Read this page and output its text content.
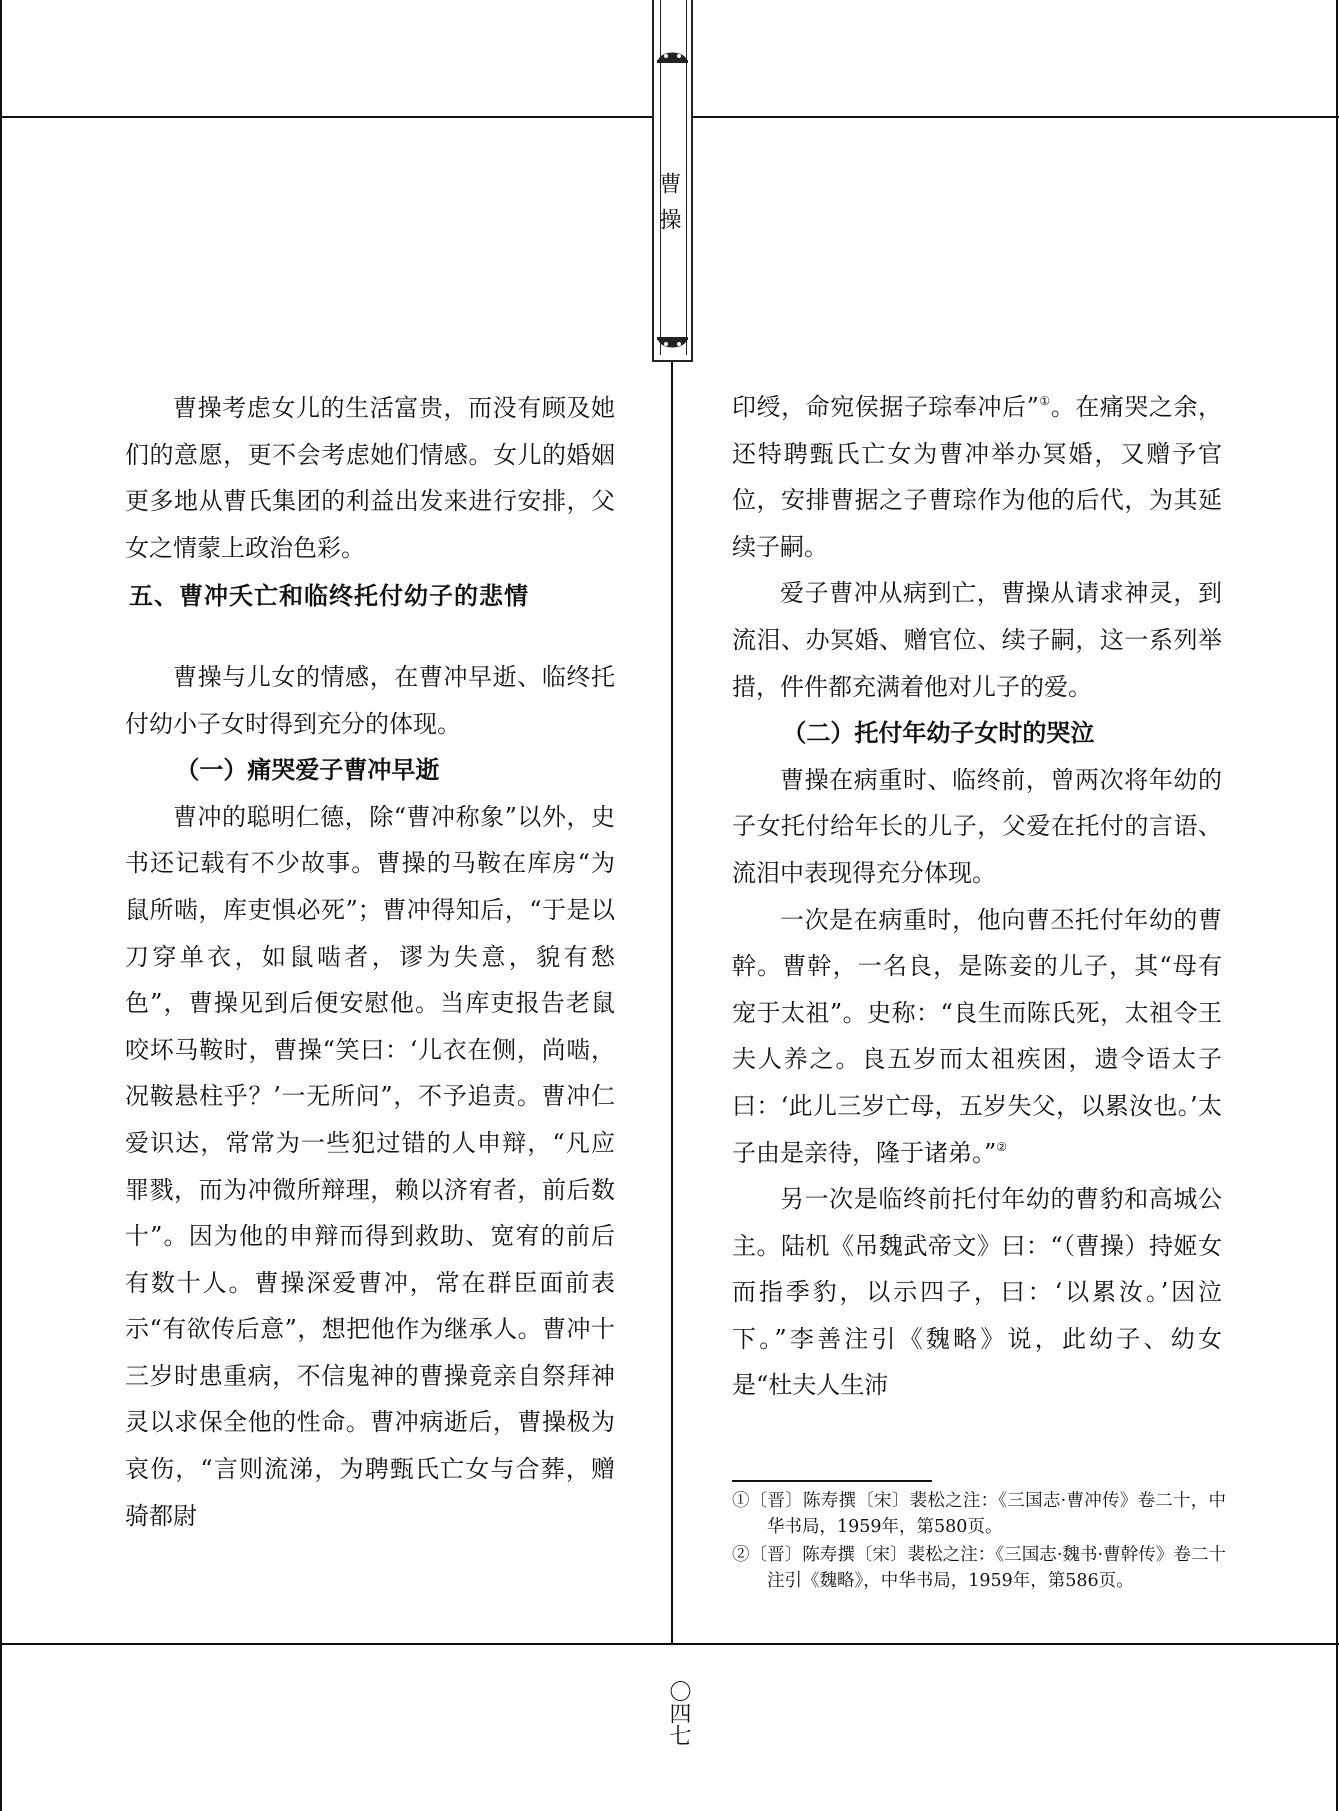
曹操

曹操考虑女儿的生活富贵，而没有顾及她们的意愿，更不会考虑她们情感。女儿的婚姻更多地从曹氏集团的利益出发来进行安排，父女之情蒙上政治色彩。

五、曹冲夭亡和临终托付幼子的悲情

曹操与儿女的情感，在曹冲早逝、临终托付幼小子女时得到充分的体现。

（一）痛哭爱子曹冲早逝

曹冲的聪明仁德，除“曹冲称象”以外，史书还记载有不少故事。曹操的马鞍在库房“为鼠所啮，库吏惧必死”；曹冲得知后，“于是以刀穿单衣，如鼠啮者，谬为失意，貌有愁色”，曹操见到后便安慰他。当库吏报告老鼠咬坏马鞍时，曹操“笑曰：‘儿衣在侧，尚啮，况鞍悬柱乎？’一无所问”，不予追责。曹冲仁爱识达，常常为一些犯过错的人申辩，“凡应罪戮，而为冲微所辩理，赖以济宥者，前后数十”。因为他的申辩而得到救助、宽宥的前后有数十人。曹操深爱曹冲，常在群臣面前表示“有欲传后意”，想把他作为继承人。曹冲十三岁时患重病，不信鬼神的曹操竟亲自祭拜神灵以求保全他的性命。曹冲病逝后，曹操极为哀伤，“言则流涕，为聘甄氏亡女与合葬，赠骑都尉

印绶，命宛侯据子琮奉冲后”①。在痛哭之余，还特聘甄氏亡女为曹冲举办冥婚，又赠予官位，安排曹据之子曹琮作为他的后代，为其延续子嗣。

爱子曹冲从病到亡，曹操从请求神灵，到流泪、办冥婚、赠官位、续子嗣，这一系列举措，件件都充满着他对儿子的爱。

（二）托付年幼子女时的哭泣

曹操在病重时、临终前，曾两次将年幼的子女托付给年长的儿子，父爱在托付的言语、流泪中表现得充分体现。

一次是在病重时，他向曹丕托付年幼的曹幹。曹幹，一名良，是陈妾的儿子，其“母有宠于太祖”。史称：“良生而陈氏死，太祖令王夫人养之。良五岁而太祖疾困，遗令语太子曰：‘此儿三岁亡母，五岁失父，以累汝也。’太子由是亲待，隆于诸弟。”②

另一次是临终前托付年幼的曹豹和高城公主。陆机《吊魏武帝文》曰：“（曹操）持姬女而指季豹，以示四子，曰：‘以累汝。’因泣下。”李善注引《魏略》说，此幼子、幼女是“杜夫人生沛

①〔晋〕陈寿撰〔宋〕裴松之注：《三国志·曹冲传》卷二十，中华书局，1959年，第580页。

②〔晋〕陈寿撰〔宋〕裴松之注：《三国志·魏书·曹幹传》卷二十注引《魏略》，中华书局，1959年，第586页。

〇四七
